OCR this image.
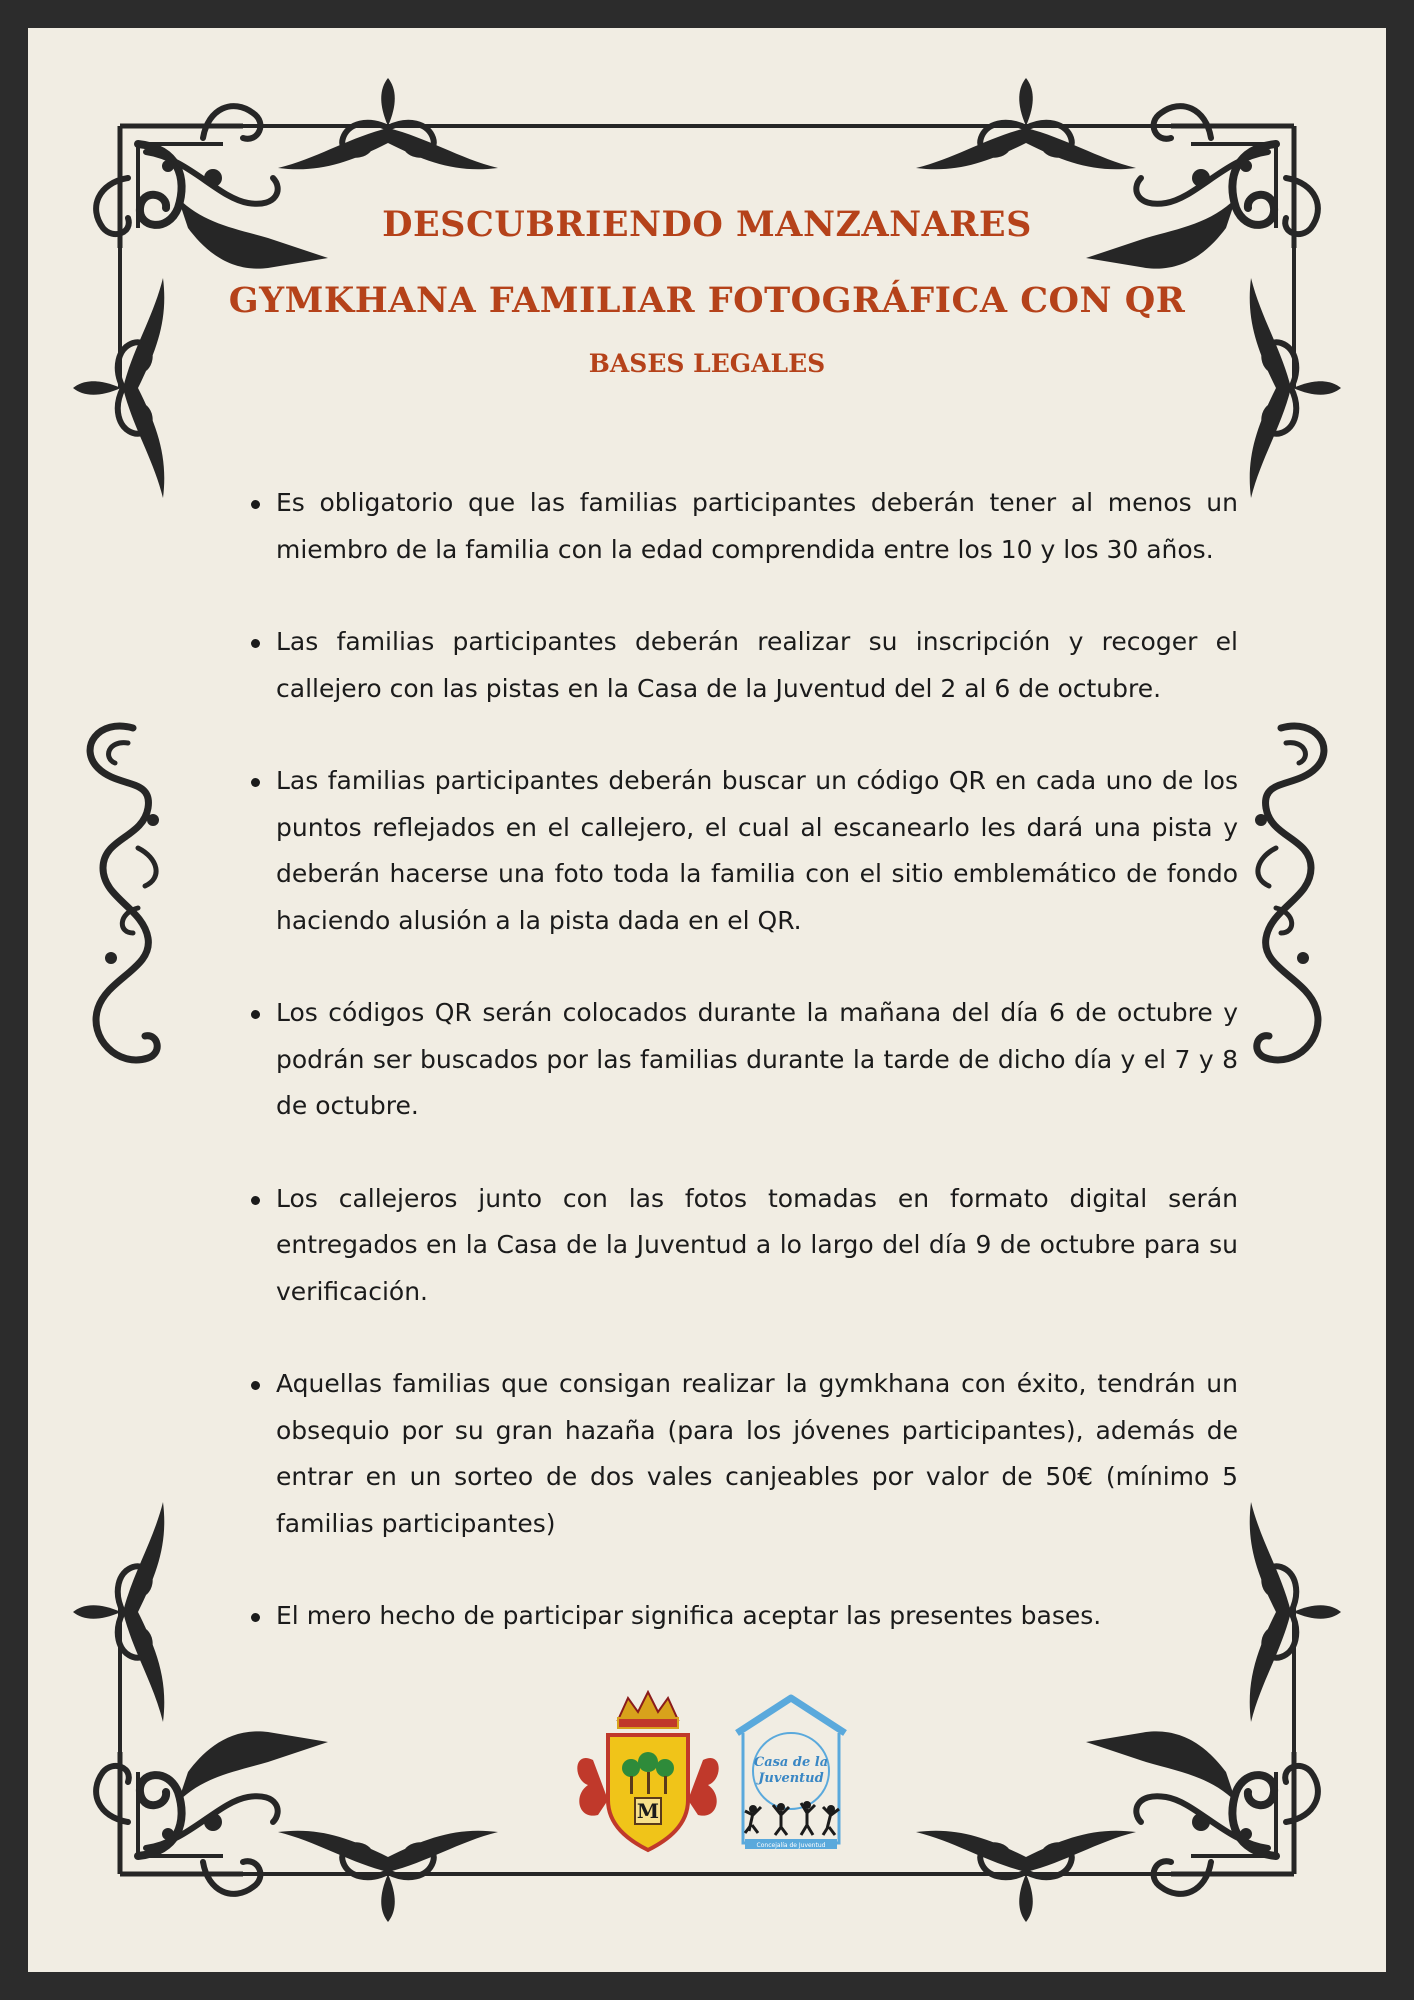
DESCUBRIENDO MANZANARES
GYMKHANA FAMILIAR FOTOGRÁFICA CON QR
BASES LEGALES
Es obligatorio que las familias participantes deberán tener al menos un miembro de la familia con la edad comprendida entre los 10 y los 30 años.
Las familias participantes deberán realizar su inscripción y recoger el callejero con las pistas en la Casa de la Juventud del 2 al 6 de octubre.
Las familias participantes deberán buscar un código QR en cada uno de los puntos reflejados en el callejero, el cual al escanearlo les dará una pista y deberán hacerse una foto toda la familia con el sitio emblemático de fondo haciendo alusión a la pista dada en el QR.
Los códigos QR serán colocados durante la mañana del día 6 de octubre y podrán ser buscados por las familias durante la tarde de dicho día y el 7 y 8 de octubre.
Los callejeros junto con las fotos tomadas en formato digital serán entregados en la Casa de la Juventud a lo largo del día 9 de octubre para su verificación.
Aquellas familias que consigan realizar la gymkhana con éxito, tendrán un obsequio por su gran hazaña (para los jóvenes participantes), además de entrar en un sorteo de dos vales canjeables por valor de 50€ (mínimo 5 familias participantes)
El mero hecho de participar significa aceptar las presentes bases.
M
Casa de la
Juventud
Concejalía de Juventud
